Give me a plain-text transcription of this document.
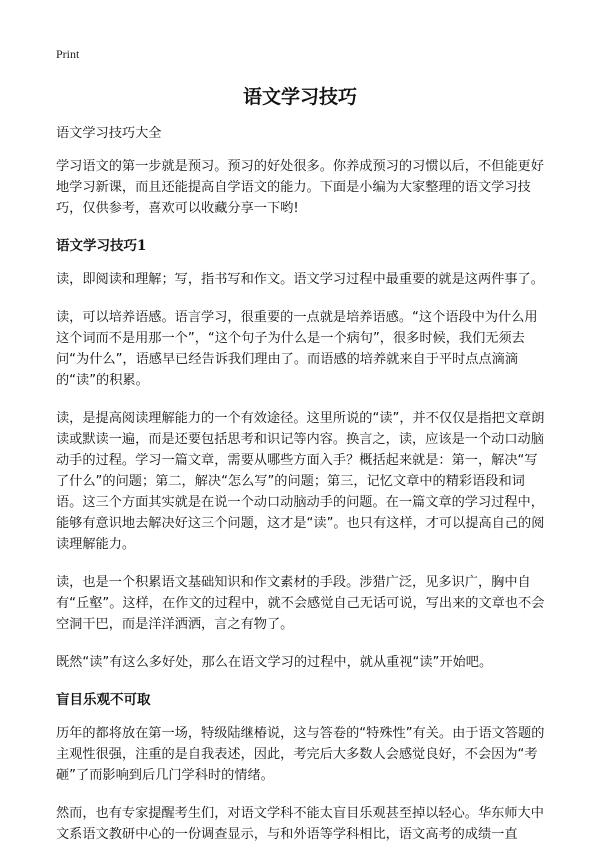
Print
语文学习技巧

语文学习技巧大全

学习语文的第一步就是预习。预习的好处很多。你养成预习的习惯以后，不但能更好地学习新课，而且还能提高自学语文的能力。下面是小编为大家整理的语文学习技巧，仅供参考，喜欢可以收藏分享一下哟!

语文学习技巧1

读，即阅读和理解；写，指书写和作文。语文学习过程中最重要的就是这两件事了。

读，可以培养语感。语言学习，很重要的一点就是培养语感。“这个语段中为什么用这个词而不是用那一个”，“这个句子为什么是一个病句”，很多时候，我们无须去问“为什么”，语感早已经告诉我们理由了。而语感的培养就来自于平时点点滴滴的“读”的积累。

读，是提高阅读理解能力的一个有效途径。这里所说的“读”，并不仅仅是指把文章朗读或默读一遍，而是还要包括思考和识记等内容。换言之，读，应该是一个动口动脑动手的过程。学习一篇文章，需要从哪些方面入手？概括起来就是：第一，解决“写了什么”的问题；第二，解决“怎么写”的问题；第三，记忆文章中的精彩语段和词语。这三个方面其实就是在说一个动口动脑动手的问题。在一篇文章的学习过程中，能够有意识地去解决好这三个问题，这才是“读”。也只有这样，才可以提高自己的阅读理解能力。

读，也是一个积累语文基础知识和作文素材的手段。涉猎广泛，见多识广，胸中自有“丘壑”。这样，在作文的过程中，就不会感觉自己无话可说，写出来的文章也不会空洞干巴，而是洋洋洒洒，言之有物了。

既然“读”有这么多好处，那么在语文学习的过程中，就从重视“读”开始吧。

盲目乐观不可取

历年的都将放在第一场，特级陆继椿说，这与答卷的“特殊性”有关。由于语文答题的主观性很强，注重的是自我表述，因此，考完后大多数人会感觉良好，不会因为“考砸”了而影响到后几门学科时的情绪。

然而，也有专家提醒考生们，对语文学科不能太盲目乐观甚至掉以轻心。华东师大中文系语文教研中心的一份调查显示，与和外语等学科相比，语文高考的成绩一直
